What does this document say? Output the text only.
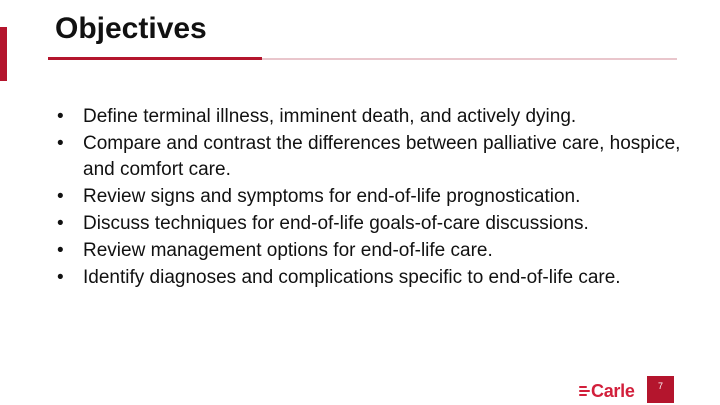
Objectives
•	Define terminal illness, imminent death, and actively dying.
•	Compare and contrast the differences between palliative care, hospice, and comfort care.
•	Review signs and symptoms for end-of-life prognostication.
•	Discuss techniques for end-of-life goals-of-care discussions.
•	Review management options for end-of-life care.
•	Identify diagnoses and complications specific to end-of-life care.
Carle	7
